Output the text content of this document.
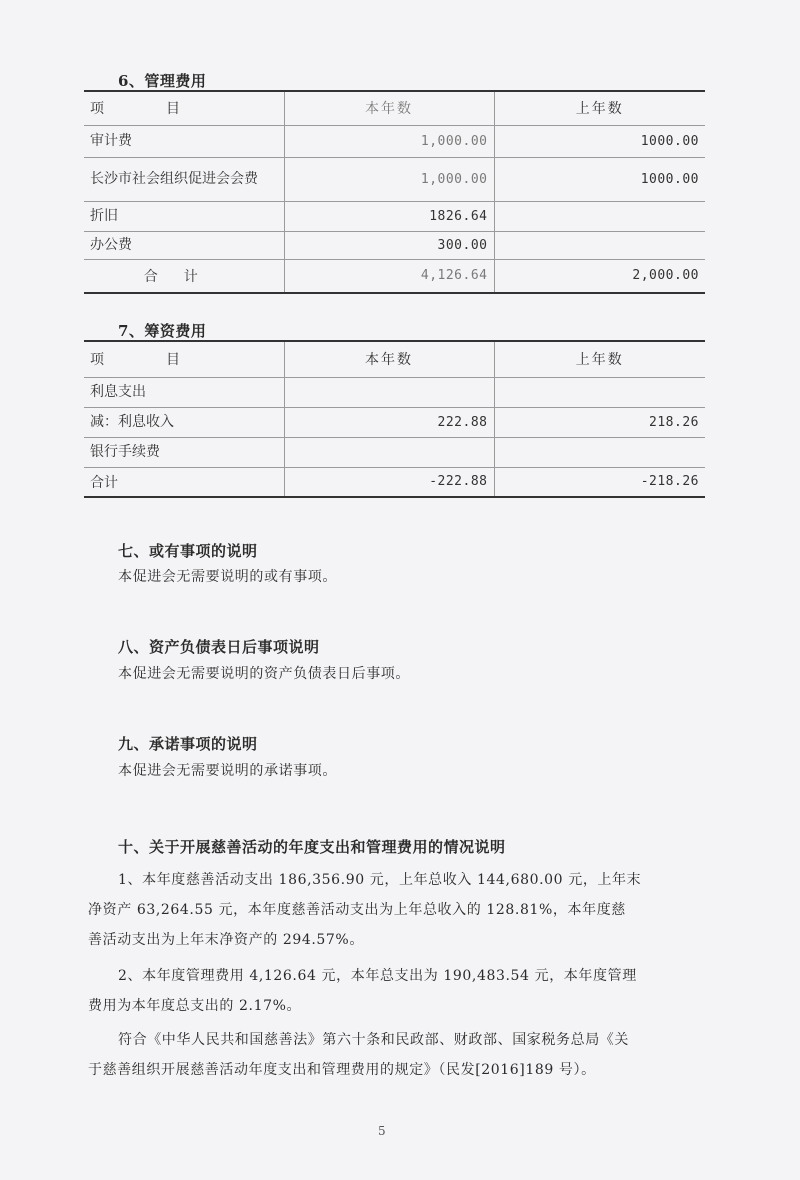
6、管理费用
项　目	本年数	上年数
审计费	1,000.00	1000.00
长沙市社会组织促进会会费	1,000.00	1000.00
折旧	1826.64	
办公费	300.00	
合计	4,126.64	2,000.00
7、筹资费用
项　目	本年数	上年数
利息支出		
减：利息收入	222.88	218.26
银行手续费		
合计	-222.88	-218.26
七、或有事项的说明
本促进会无需要说明的或有事项。
八、资产负债表日后事项说明
本促进会无需要说明的资产负债表日后事项。
九、承诺事项的说明
本促进会无需要说明的承诺事项。
十、关于开展慈善活动的年度支出和管理费用的情况说明
1、本年度慈善活动支出 186,356.90 元，上年总收入 144,680.00 元，上年末
净资产 63,264.55 元，本年度慈善活动支出为上年总收入的 128.81%，本年度慈
善活动支出为上年末净资产的 294.57%。
2、本年度管理费用 4,126.64 元，本年总支出为 190,483.54 元，本年度管理
费用为本年度总支出的 2.17%。
符合《中华人民共和国慈善法》第六十条和民政部、财政部、国家税务总局《关
于慈善组织开展慈善活动年度支出和管理费用的规定》（民发[2016]189 号）。
5
